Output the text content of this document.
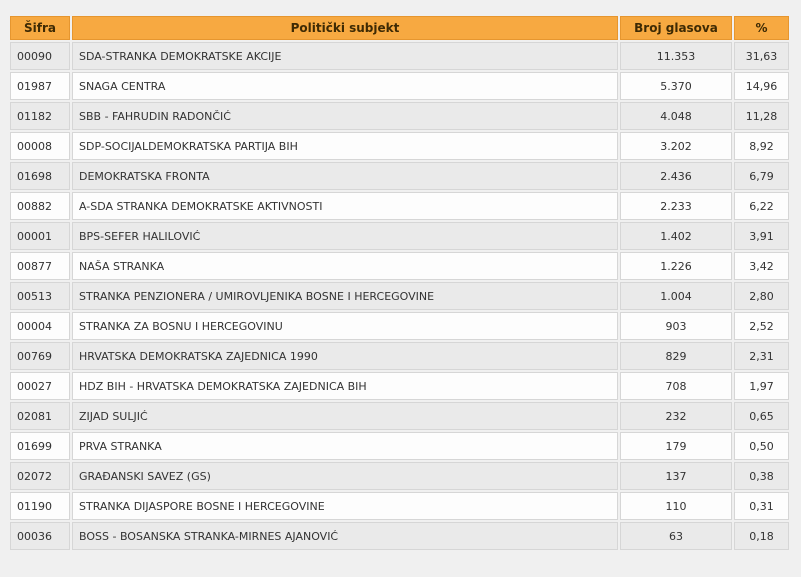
Šifra	Politički subjekt	Broj glasova	%
00090	SDA-STRANKA DEMOKRATSKE AKCIJE	11.353	31,63
01987	SNAGA CENTRA	5.370	14,96
01182	SBB - FAHRUDIN RADONČIĆ	4.048	11,28
00008	SDP-SOCIJALDEMOKRATSKA PARTIJA BIH	3.202	8,92
01698	DEMOKRATSKA FRONTA	2.436	6,79
00882	A-SDA STRANKA DEMOKRATSKE AKTIVNOSTI	2.233	6,22
00001	BPS-SEFER HALILOVIĆ	1.402	3,91
00877	NAŠA STRANKA	1.226	3,42
00513	STRANKA PENZIONERA / UMIROVLJENIKA BOSNE I HERCEGOVINE	1.004	2,80
00004	STRANKA ZA BOSNU I HERCEGOVINU	903	2,52
00769	HRVATSKA DEMOKRATSKA ZAJEDNICA 1990	829	2,31
00027	HDZ BIH - HRVATSKA DEMOKRATSKA ZAJEDNICA BIH	708	1,97
02081	ZIJAD SULJIĆ	232	0,65
01699	PRVA STRANKA	179	0,50
02072	GRAĐANSKI SAVEZ (GS)	137	0,38
01190	STRANKA DIJASPORE BOSNE I HERCEGOVINE	110	0,31
00036	BOSS - BOSANSKA STRANKA-MIRNES AJANOVIĆ	63	0,18
